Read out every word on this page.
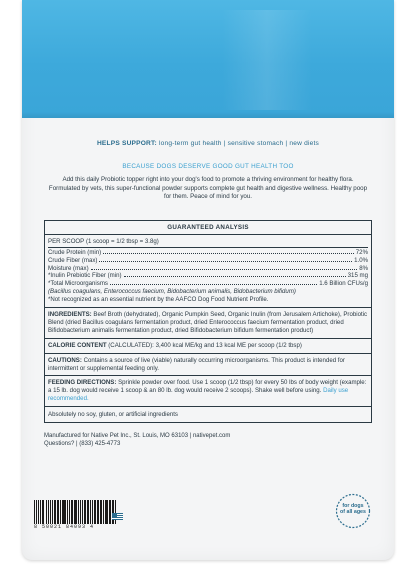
HELPS SUPPORT: long-term gut health | sensitive stomach | new diets
BECAUSE DOGS DESERVE GOOD GUT HEALTH TOO
Add this daily Probiotic topper right into your dog's food to promote a thriving environment for healthy flora. Formulated by vets, this super-functional powder supports complete gut health and digestive wellness. Healthy poop for them. Peace of mind for you.
GUARANTEED ANALYSIS
PER SCOOP
(1 scoop = 1/2 tbsp = 3.8g)
Crude Protein (min)	72%
Crude Fiber (max)	1.0%
Moisture (max)	8%
*Inulin Prebiotic Fiber (min)	315 mg
*Total Microorganisms	1.6 Billion CFUs/g
(Bacillus coagulans, Enterococcus faecium, Bidobacterium animalis, Bidobacterium bifidum)
*Not recognized as an essential nutrient by the AAFCO Dog Food Nutrient Profile.
INGREDIENTS: Beef Broth (dehydrated), Organic Pumpkin Seed, Organic Inulin (from Jerusalem Artichoke), Probiotic Blend (dried Bacillus coagulans fermentation product, dried Enterococcus faecium fermentation product, dried Bifidobacterium animalis fermentation product, dried Bifidobacterium bifidum fermentation product)
CALORIE CONTENT (CALCULATED): 3,400 kcal ME/kg and 13 kcal ME per scoop (1/2 tbsp)
CAUTIONS: Contains a source of live (viable) naturally occurring microorganisms. This product is intended for intermittent or supplemental feeding only.
FEEDING DIRECTIONS: Sprinkle powder over food. Use 1 scoop (1/2 tbsp) for every 50 lbs of body weight (example: a 15 lb. dog would receive 1 scoop & an 80 lb. dog would receive 2 scoops). Shake well before using. Daily use recommended.
Absolutely no soy, gluten, or artificial ingredients
Manufactured for Native Pet Inc., St. Louis, MO 63103 | nativepet.com
Questions? | (833) 425-4773
8 50021 84093 4
for dogs
of all ages
